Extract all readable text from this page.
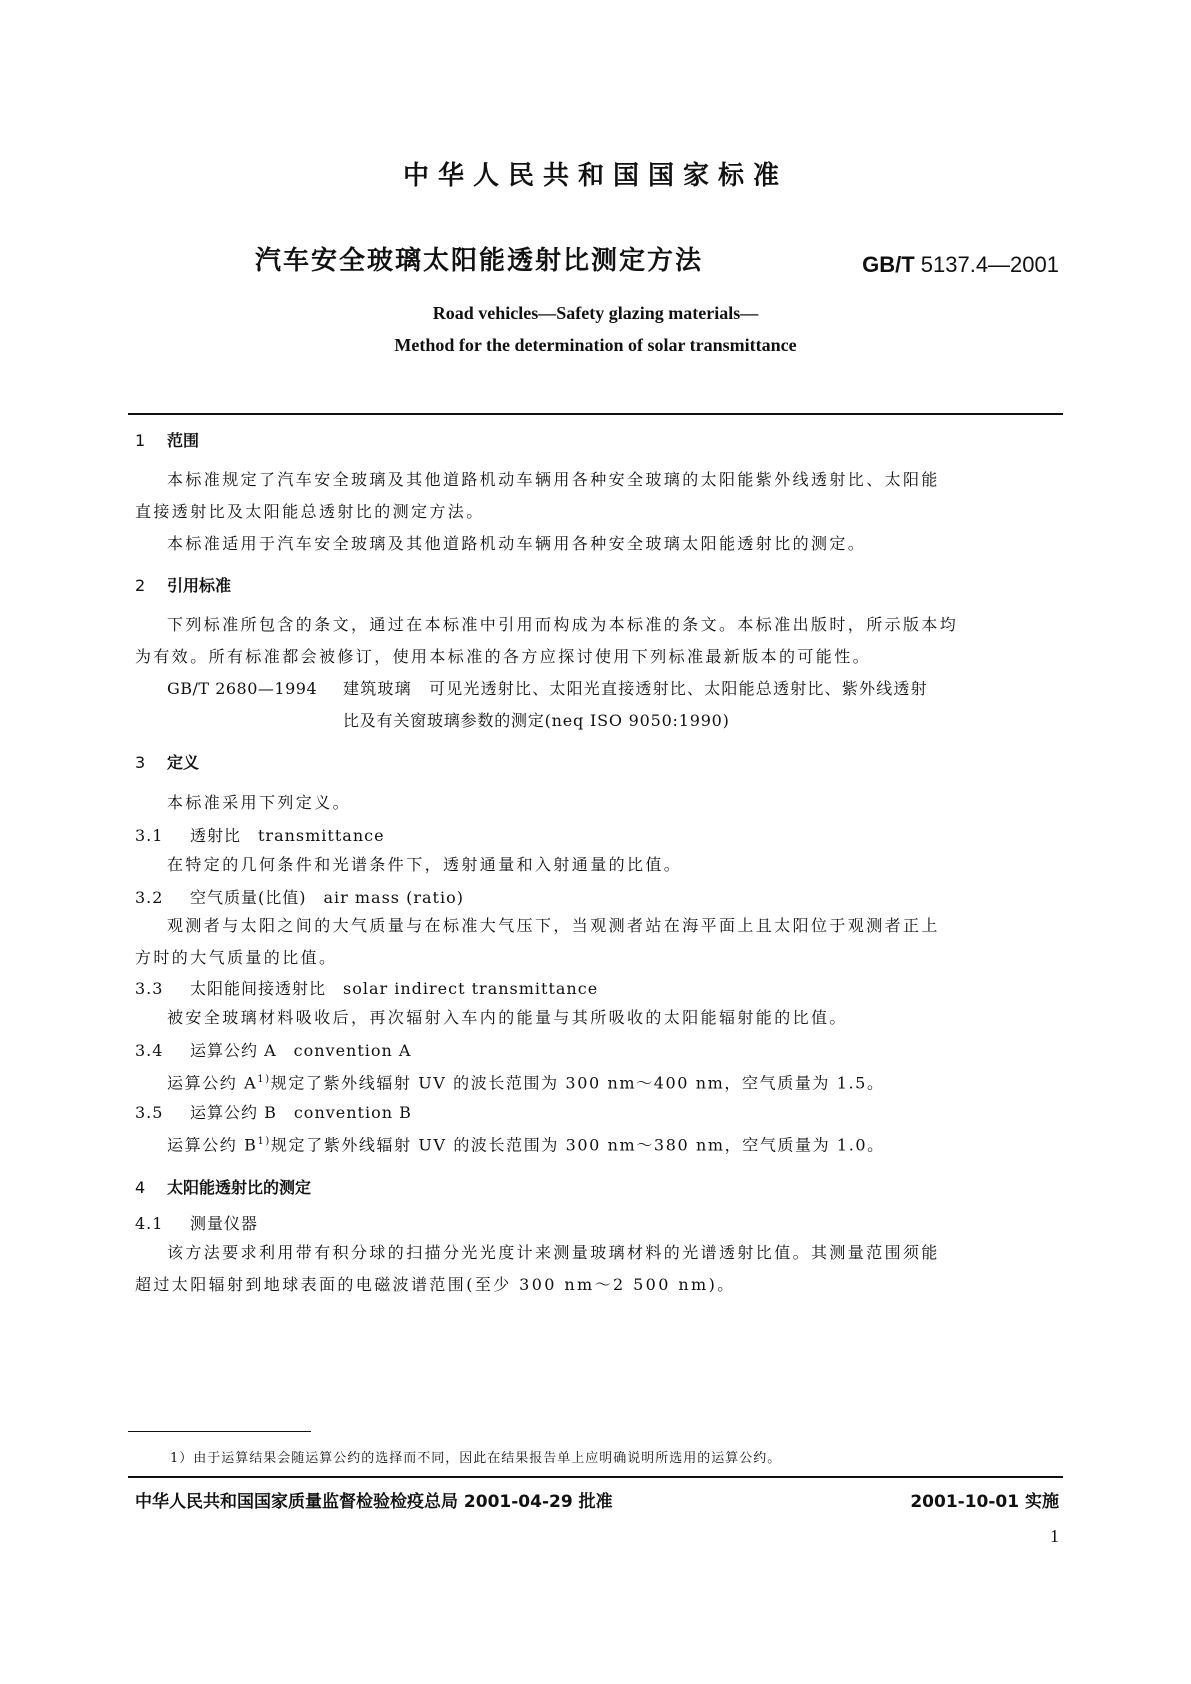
中华人民共和国国家标准
汽车安全玻璃太阳能透射比测定方法	GB/T 5137.4—2001
Road vehicles—Safety glazing materials—
Method for the determination of solar transmittance
1 范围
本标准规定了汽车安全玻璃及其他道路机动车辆用各种安全玻璃的太阳能紫外线透射比、太阳能
直接透射比及太阳能总透射比的测定方法。
本标准适用于汽车安全玻璃及其他道路机动车辆用各种安全玻璃太阳能透射比的测定。
2 引用标准
下列标准所包含的条文，通过在本标准中引用而构成为本标准的条文。本标准出版时，所示版本均
为有效。所有标准都会被修订，使用本标准的各方应探讨使用下列标准最新版本的可能性。
GB/T 2680—1994 建筑玻璃　可见光透射比、太阳光直接透射比、太阳能总透射比、紫外线透射
比及有关窗玻璃参数的测定(neq ISO 9050:1990)
3 定义
本标准采用下列定义。
3.1 透射比　transmittance
在特定的几何条件和光谱条件下，透射通量和入射通量的比值。
3.2 空气质量(比值)　air mass (ratio)
观测者与太阳之间的大气质量与在标准大气压下，当观测者站在海平面上且太阳位于观测者正上
方时的大气质量的比值。
3.3 太阳能间接透射比　solar indirect transmittance
被安全玻璃材料吸收后，再次辐射入车内的能量与其所吸收的太阳能辐射能的比值。
3.4 运算公约 A　convention A
运算公约 $A^{1)}$规定了紫外线辐射 UV 的波长范围为 300 nm～400 nm，空气质量为 1.5。
3.5 运算公约 B　convention B
运算公约 $B^{1)}$规定了紫外线辐射 UV 的波长范围为 300 nm～380 nm，空气质量为 1.0。
4 太阳能透射比的测定
4.1 测量仪器
该方法要求利用带有积分球的扫描分光光度计来测量玻璃材料的光谱透射比值。其测量范围须能
超过太阳辐射到地球表面的电磁波谱范围(至少 300 nm～2 500 nm)。
1）由于运算结果会随运算公约的选择而不同，因此在结果报告单上应明确说明所选用的运算公约。
中华人民共和国国家质量监督检验检疫总局 2001-04-29 批准	2001-10-01 实施
1
